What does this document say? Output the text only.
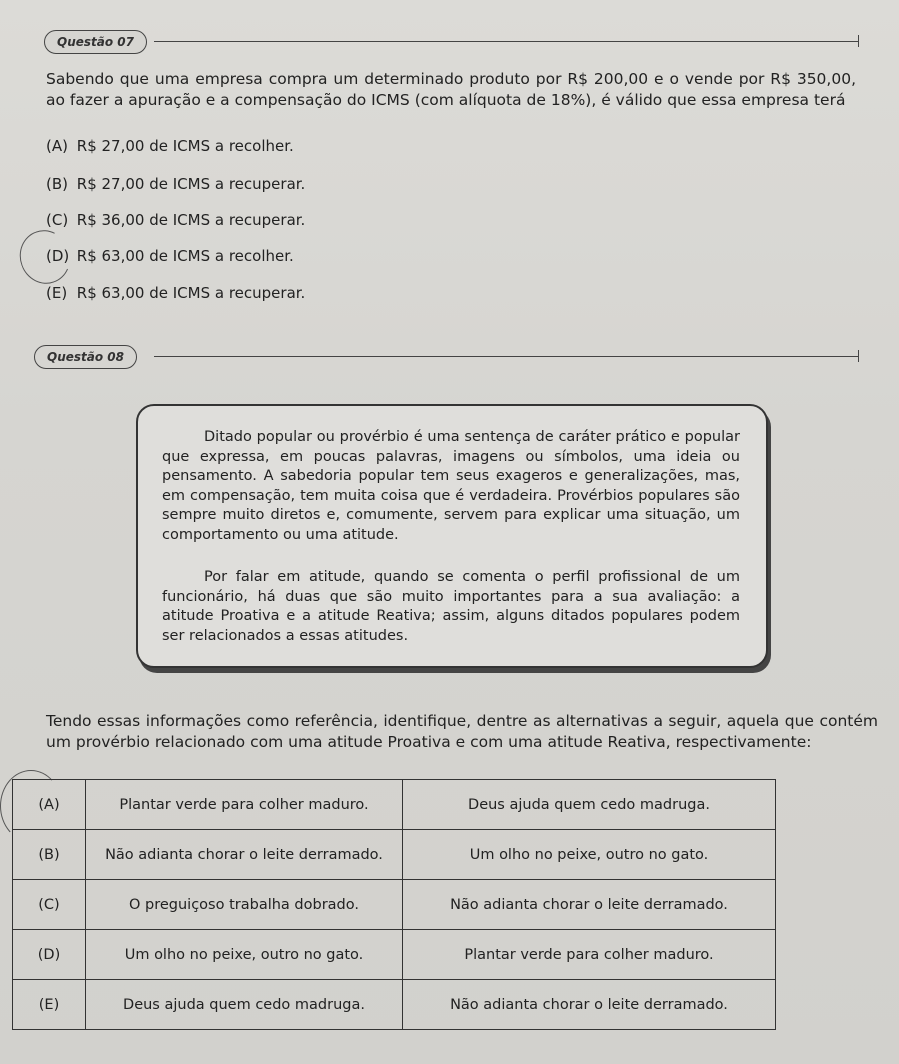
Questão 07
Sabendo que uma empresa compra um determinado produto por R$ 200,00 e o vende por R$ 350,00, ao fazer a apuração e a compensação do ICMS (com alíquota de 18%), é válido que essa empresa terá
(A) R$ 27,00 de ICMS a recolher.
(B) R$ 27,00 de ICMS a recuperar.
(C) R$ 36,00 de ICMS a recuperar.
(D) R$ 63,00 de ICMS a recolher.
(E) R$ 63,00 de ICMS a recuperar.
Questão 08
Ditado popular ou provérbio é uma sentença de caráter prático e popular que expressa, em poucas palavras, imagens ou símbolos, uma ideia ou pensamento. A sabedoria popular tem seus exageros e generalizações, mas, em compensação, tem muita coisa que é verdadeira. Provérbios populares são sempre muito diretos e, comumente, servem para explicar uma situação, um comportamento ou uma atitude.
Por falar em atitude, quando se comenta o perfil profissional de um funcionário, há duas que são muito importantes para a sua avaliação: a atitude Proativa e a atitude Reativa; assim, alguns ditados populares podem ser relacionados a essas atitudes.
Tendo essas informações como referência, identifique, dentre as alternativas a seguir, aquela que contém um provérbio relacionado com uma atitude Proativa e com uma atitude Reativa, respectivamente:
(A)	Plantar verde para colher maduro.	Deus ajuda quem cedo madruga.
(B)	Não adianta chorar o leite derramado.	Um olho no peixe, outro no gato.
(C)	O preguiçoso trabalha dobrado.	Não adianta chorar o leite derramado.
(D)	Um olho no peixe, outro no gato.	Plantar verde para colher maduro.
(E)	Deus ajuda quem cedo madruga.	Não adianta chorar o leite derramado.
